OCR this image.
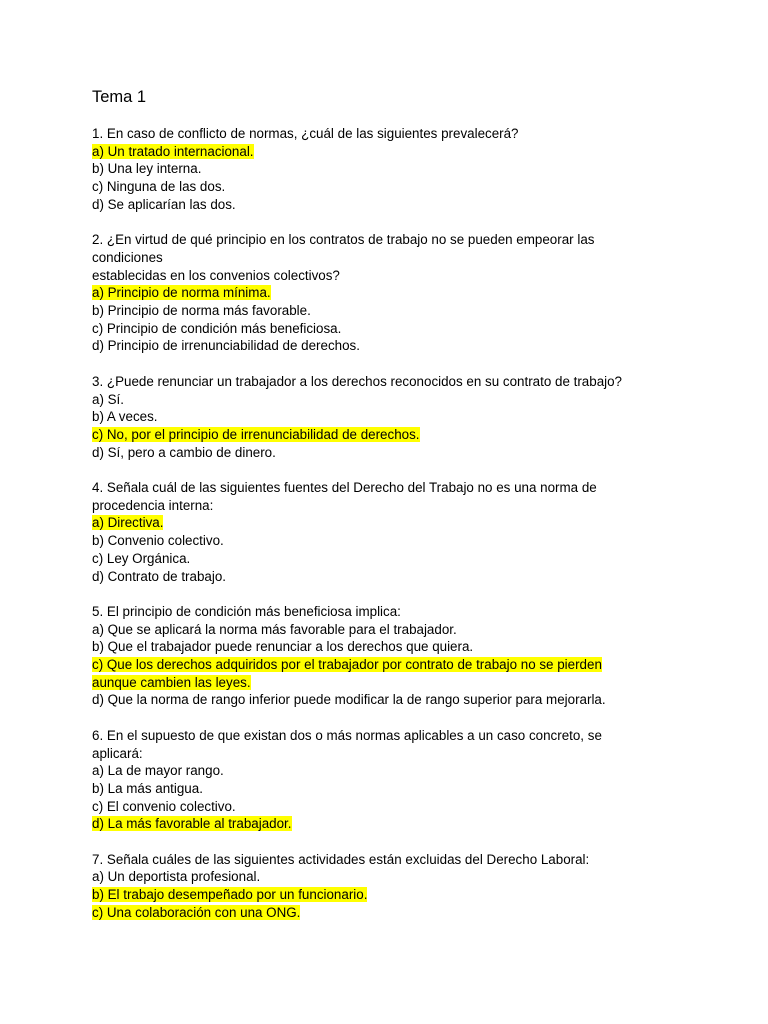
Tema 1
1. En caso de conflicto de normas, ¿cuál de las siguientes prevalecerá?
a) Un tratado internacional.
b) Una ley interna.
c) Ninguna de las dos.
d) Se aplicarían las dos.
2. ¿En virtud de qué principio en los contratos de trabajo no se pueden empeorar las
condiciones
establecidas en los convenios colectivos?
a) Principio de norma mínima.
b) Principio de norma más favorable.
c) Principio de condición más beneficiosa.
d) Principio de irrenunciabilidad de derechos.
3. ¿Puede renunciar un trabajador a los derechos reconocidos en su contrato de trabajo?
a) Sí.
b) A veces.
c) No, por el principio de irrenunciabilidad de derechos.
d) Sí, pero a cambio de dinero.
4. Señala cuál de las siguientes fuentes del Derecho del Trabajo no es una norma de
procedencia interna:
a) Directiva.
b) Convenio colectivo.
c) Ley Orgánica.
d) Contrato de trabajo.
5. El principio de condición más beneficiosa implica:
a) Que se aplicará la norma más favorable para el trabajador.
b) Que el trabajador puede renunciar a los derechos que quiera.
c) Que los derechos adquiridos por el trabajador por contrato de trabajo no se pierden
aunque cambien las leyes.
d) Que la norma de rango inferior puede modificar la de rango superior para mejorarla.
6. En el supuesto de que existan dos o más normas aplicables a un caso concreto, se
aplicará:
a) La de mayor rango.
b) La más antigua.
c) El convenio colectivo.
d) La más favorable al trabajador.
7. Señala cuáles de las siguientes actividades están excluidas del Derecho Laboral:
a) Un deportista profesional.
b) El trabajo desempeñado por un funcionario.
c) Una colaboración con una ONG.
